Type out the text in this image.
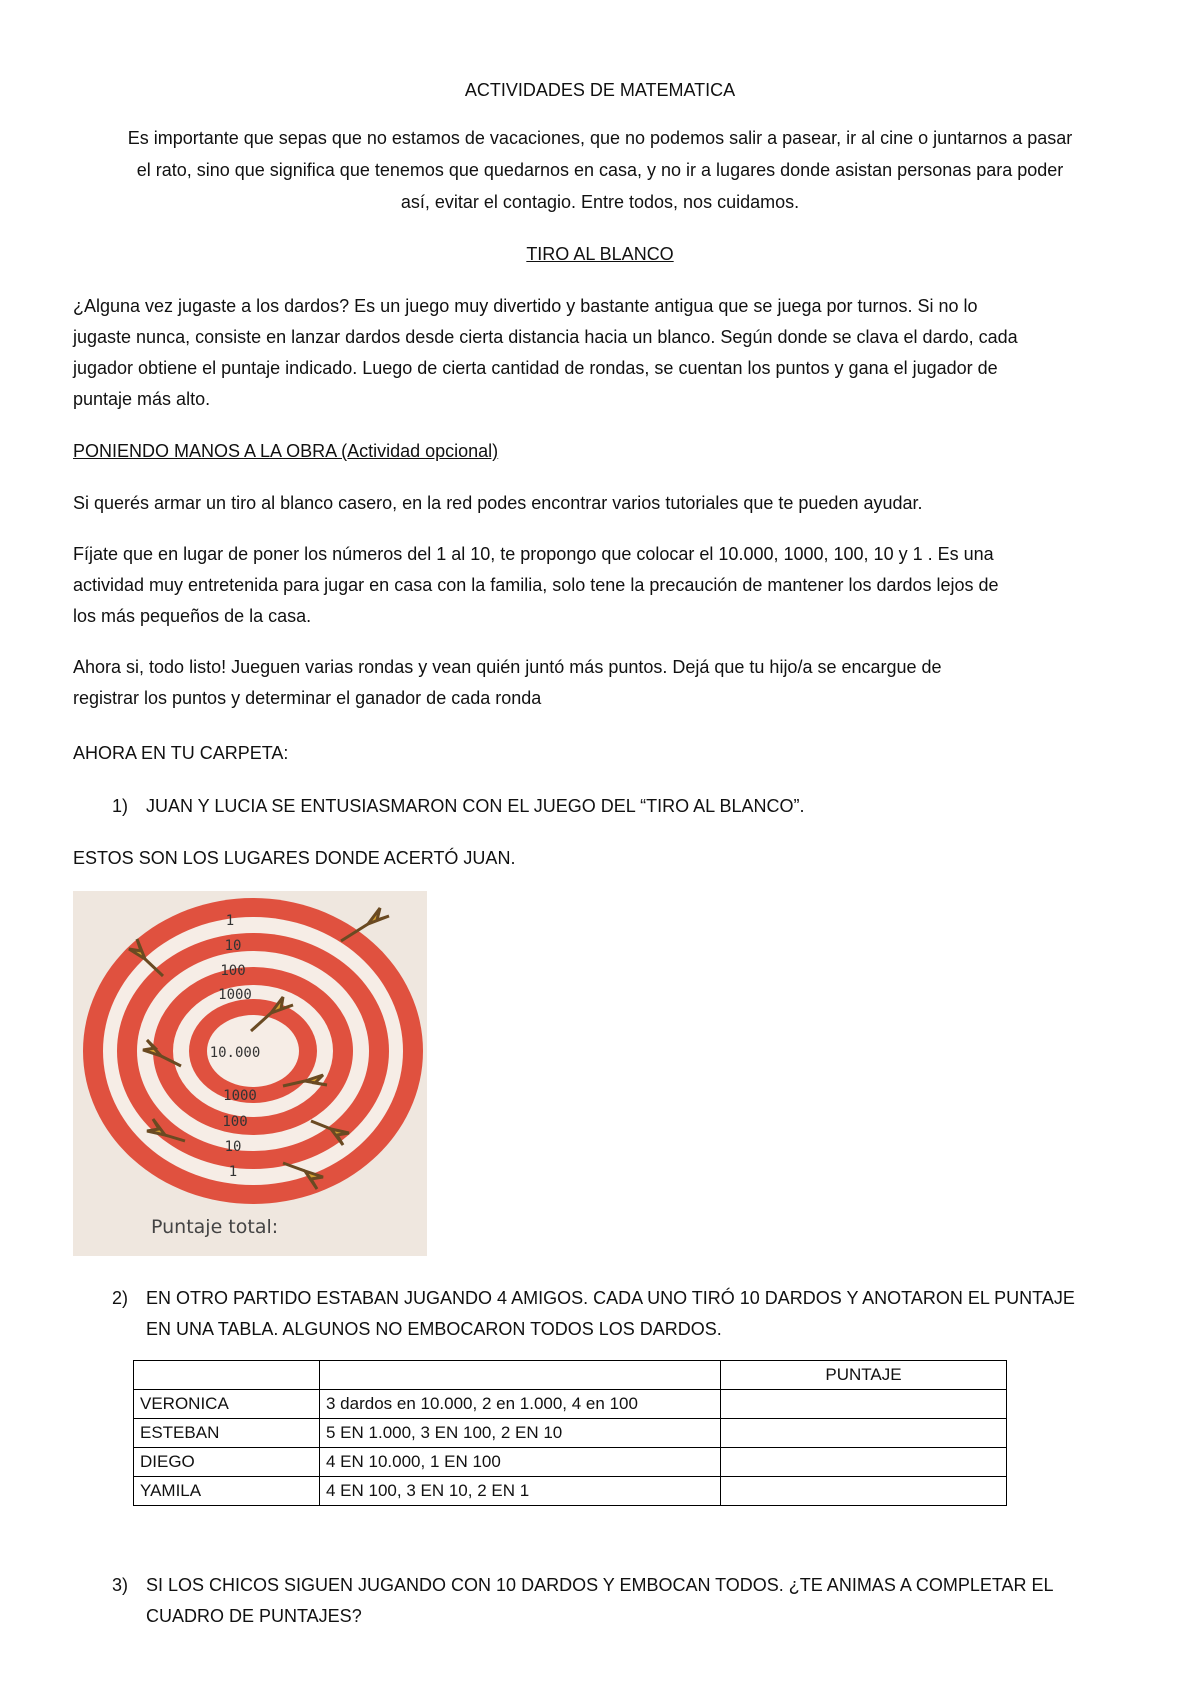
ACTIVIDADES DE MATEMATICA
Es importante que sepas que no estamos de vacaciones, que no podemos salir a pasear, ir al cine o juntarnos a pasar
el rato, sino que significa que tenemos que quedarnos en casa, y no ir a lugares donde asistan personas para poder
así, evitar el contagio. Entre todos, nos cuidamos.
TIRO AL BLANCO
¿Alguna vez jugaste a los dardos? Es un juego muy divertido y bastante antigua que se juega por turnos. Si no lo
jugaste nunca, consiste en lanzar dardos desde cierta distancia hacia un blanco. Según donde se clava el dardo, cada
jugador obtiene el puntaje indicado. Luego de cierta cantidad de rondas, se cuentan los puntos y gana el jugador de
puntaje más alto.
PONIENDO MANOS A LA OBRA (Actividad opcional)
Si querés armar un tiro al blanco casero, en la red podes encontrar varios tutoriales que te pueden ayudar.
Fíjate que en lugar de poner los números del 1 al 10, te propongo que colocar el 10.000, 1000, 100, 10 y 1 . Es una
actividad muy entretenida para jugar en casa con la familia, solo tene la precaución de mantener los dardos lejos de
los más pequeños de la casa.
Ahora si, todo listo! Jueguen varias rondas y vean quién juntó más puntos. Dejá que tu hijo/a se encargue de
registrar los puntos y determinar el ganador de cada ronda
AHORA EN TU CARPETA:
1) JUAN Y LUCIA SE ENTUSIASMARON CON EL JUEGO DEL “TIRO AL BLANCO”.
ESTOS SON LOS LUGARES DONDE ACERTÓ JUAN.
1
10
100
1000
10.000
1000
100
10
1
Puntaje total:
2) EN OTRO PARTIDO ESTABAN JUGANDO 4 AMIGOS. CADA UNO TIRÓ 10 DARDOS Y ANOTARON EL PUNTAJE
EN UNA TABLA. ALGUNOS NO EMBOCARON TODOS LOS DARDOS.
		PUNTAJE
VERONICA	3 dardos en 10.000, 2 en 1.000, 4 en 100	
ESTEBAN	5 EN 1.000, 3 EN 100, 2 EN 10	
DIEGO	4 EN 10.000, 1 EN 100	
YAMILA	4 EN 100, 3 EN 10, 2 EN 1	
3) SI LOS CHICOS SIGUEN JUGANDO CON 10 DARDOS Y EMBOCAN TODOS. ¿TE ANIMAS A COMPLETAR EL
CUADRO DE PUNTAJES?
